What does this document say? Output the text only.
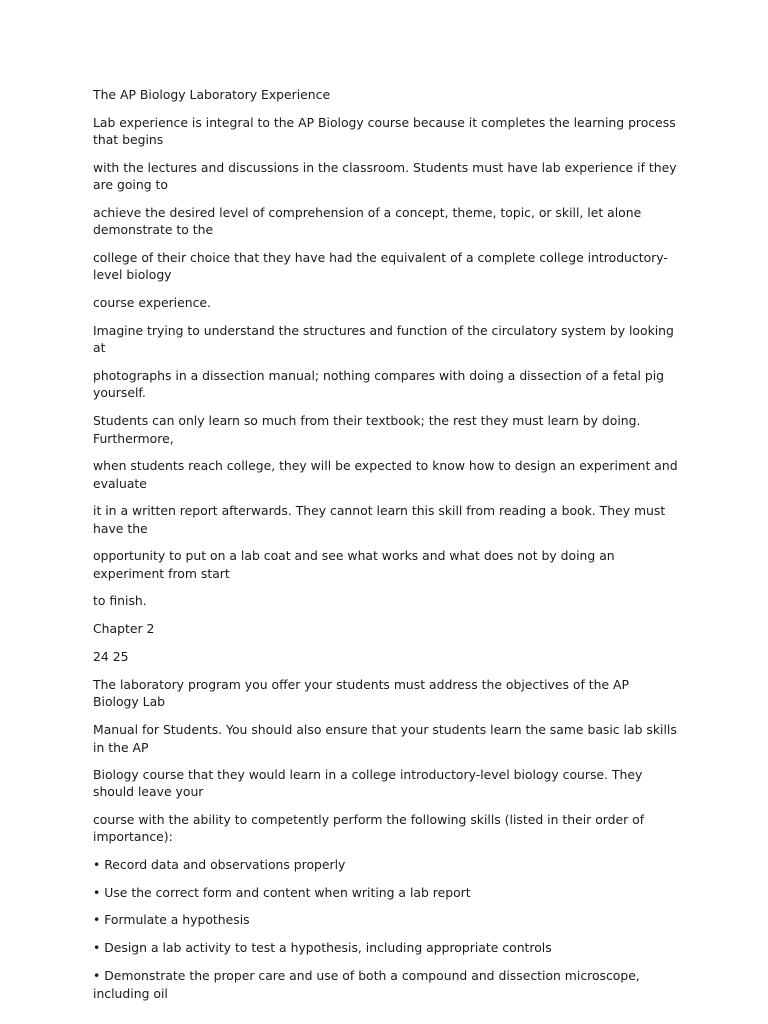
The AP Biology Laboratory Experience

Lab experience is integral to the AP Biology course because it completes the learning process that begins

with the lectures and discussions in the classroom. Students must have lab experience if they are going to

achieve the desired level of comprehension of a concept, theme, topic, or skill, let alone demonstrate to the

college of their choice that they have had the equivalent of a complete college introductory-level biology

course experience.

Imagine trying to understand the structures and function of the circulatory system by looking at

photographs in a dissection manual; nothing compares with doing a dissection of a fetal pig yourself.

Students can only learn so much from their textbook; the rest they must learn by doing. Furthermore,

when students reach college, they will be expected to know how to design an experiment and evaluate

it in a written report afterwards. They cannot learn this skill from reading a book. They must have the

opportunity to put on a lab coat and see what works and what does not by doing an experiment from start

to finish.

Chapter 2

24 25

The laboratory program you offer your students must address the objectives of the AP Biology Lab

Manual for Students. You should also ensure that your students learn the same basic lab skills in the AP

Biology course that they would learn in a college introductory-level biology course. They should leave your

course with the ability to competently perform the following skills (listed in their order of importance):

• Record data and observations properly

• Use the correct form and content when writing a lab report

• Formulate a hypothesis

• Design a lab activity to test a hypothesis, including appropriate controls

• Demonstrate the proper care and use of both a compound and dissection microscope, including oil
